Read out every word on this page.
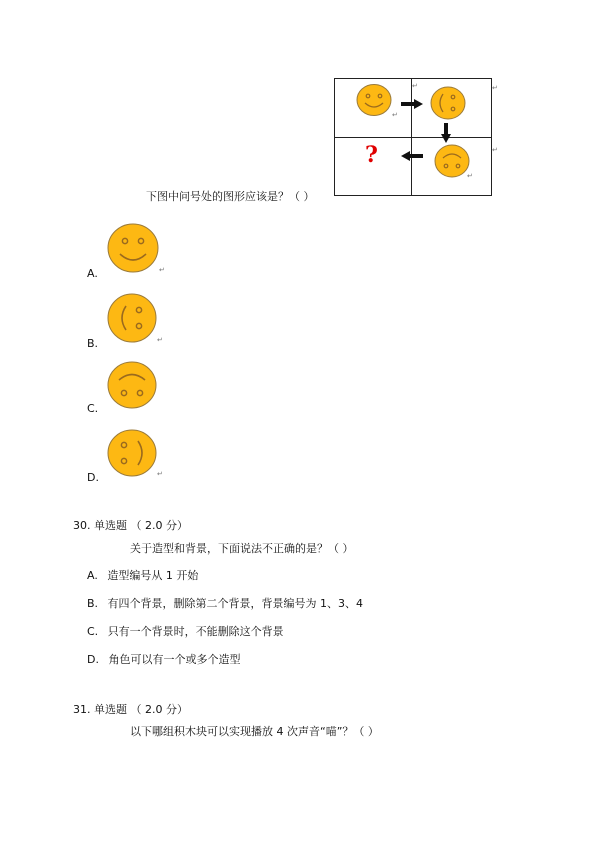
?
↵
↵	↵
↵
↵
下图中问号处的图形应该是？（ ）
A.	↵
B.	↵
C.
D.	↵
30. 单选题 （ 2.0 分）
关于造型和背景，下面说法不正确的是？（ ）
A. 造型编号从 1 开始
B. 有四个背景，删除第二个背景，背景编号为 1、3、4
C. 只有一个背景时，不能删除这个背景
D. 角色可以有一个或多个造型
31. 单选题 （ 2.0 分）
以下哪组积木块可以实现播放 4 次声音“喵”？（ ）
